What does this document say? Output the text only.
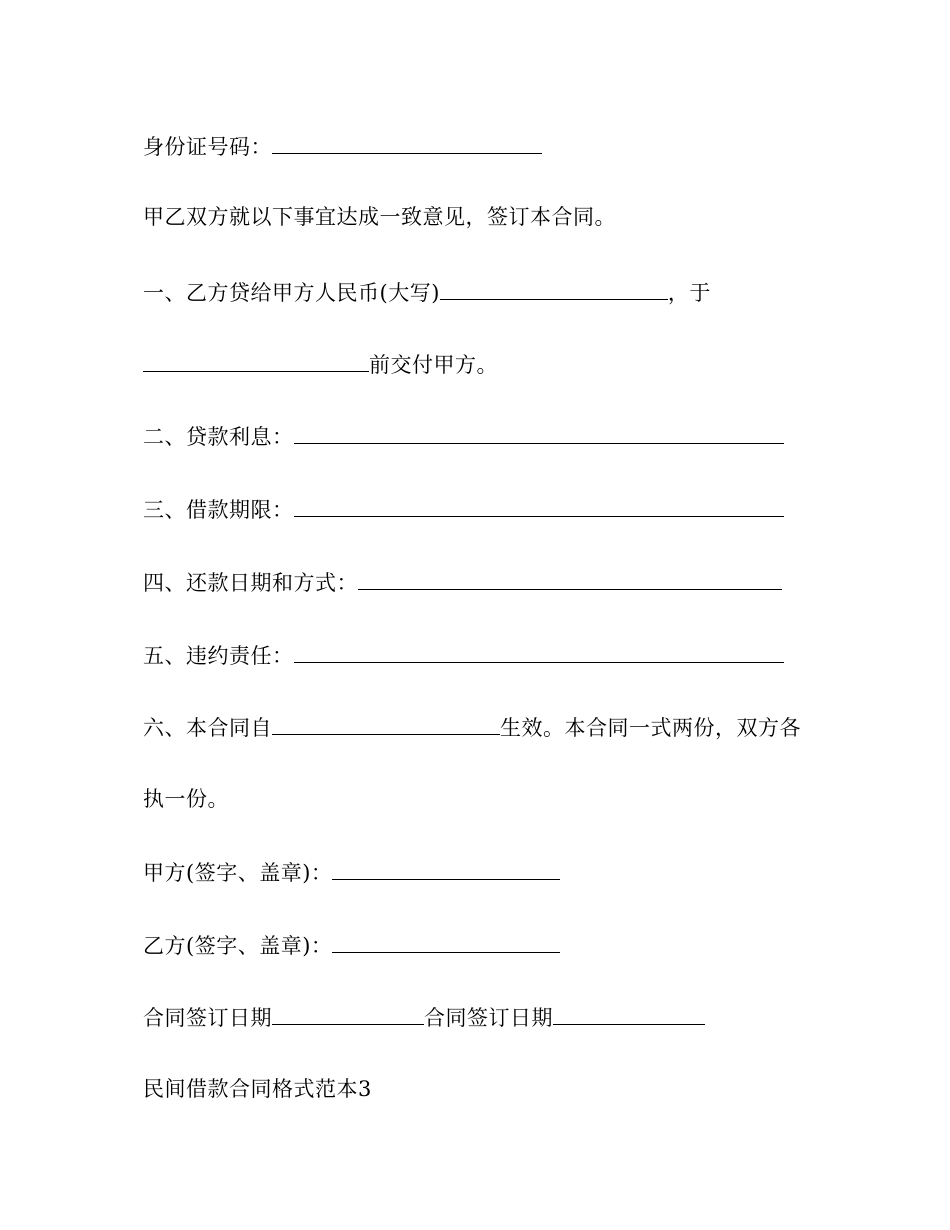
身份证号码：
甲乙双方就以下事宜达成一致意见，签订本合同。
一、乙方贷给甲方人民币(大写)	，于
前交付甲方。
二、贷款利息：
三、借款期限：
四、还款日期和方式：
五、违约责任：
六、本合同自	生效。本合同一式两份，双方各
执一份。
甲方(签字、盖章)：
乙方(签字、盖章)：
合同签订日期	合同签订日期
民间借款合同格式范本3
